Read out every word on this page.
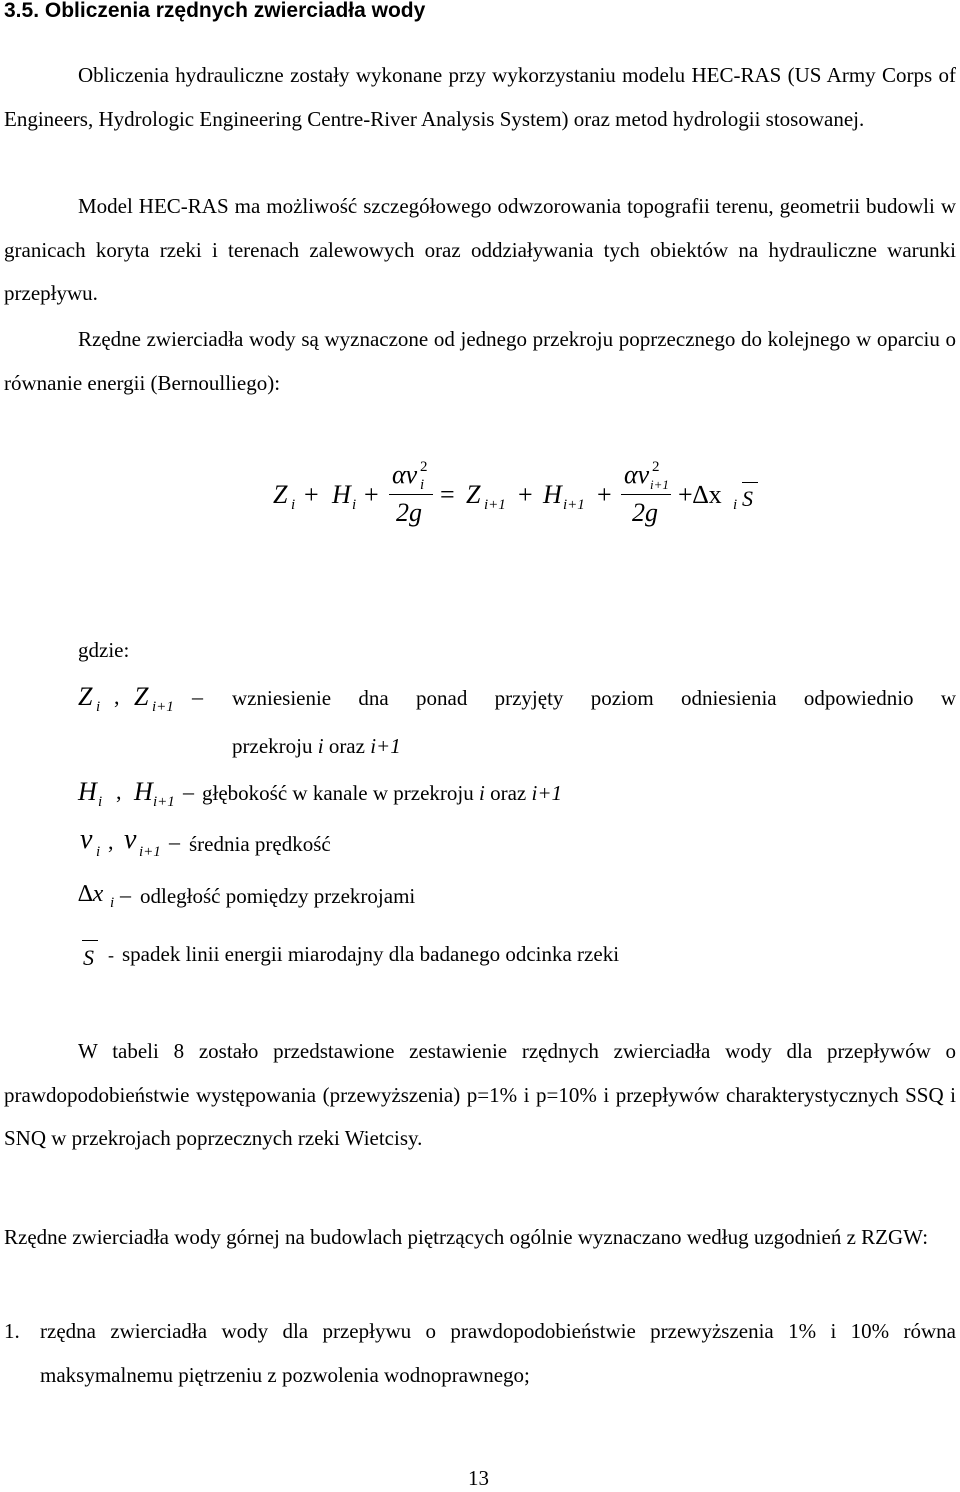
3.5. Obliczenia rzędnych zwierciadła wody

Obliczenia hydrauliczne zostały wykonane przy wykorzystaniu modelu HEC-RAS (US Army Corps of Engineers, Hydrologic Engineering Centre-River Analysis System) oraz metod hydrologii stosowanej.

Model HEC-RAS ma możliwość szczegółowego odwzorowania topografii terenu, geometrii budowli w granicach koryta rzeki i terenach zalewowych oraz oddziaływania tych obiektów na hydrauliczne warunki przepływu.

Rzędne zwierciadła wody są wyznaczone od jednego przekroju poprzecznego do kolejnego w oparciu o równanie energii (Bernoulliego):

Z i + H i +
αv 2
i
2g
= Z i+1 + H i+1 +
αv 2
i+1
2g
+∆x i S
gdzie:
Z i , Z i+1 – wzniesienie dna ponad przyjęty poziom odniesienia odpowiednio w
przekroju i oraz i+1
H i , H i+1 – głębokość w kanale w przekroju i oraz i+1
v i , v i+1 – średnia prędkość
∆x i – odległość pomiędzy przekrojami
S - spadek linii energii miarodajny dla badanego odcinka rzeki

W tabeli 8 zostało przedstawione zestawienie rzędnych zwierciadła wody dla przepływów o prawdopodobieństwie występowania (przewyższenia) p=1% i p=10% i przepływów charakterystycznych SSQ i SNQ w przekrojach poprzecznych rzeki Wietcisy.

Rzędne zwierciadła wody górnej na budowlach piętrzących ogólnie wyznaczano według uzgodnień z RZGW:

1. rzędna zwierciadła wody dla przepływu o prawdopodobieństwie przewyższenia 1% i 10% równa maksymalnemu piętrzeniu z pozwolenia wodnoprawnego;

13
